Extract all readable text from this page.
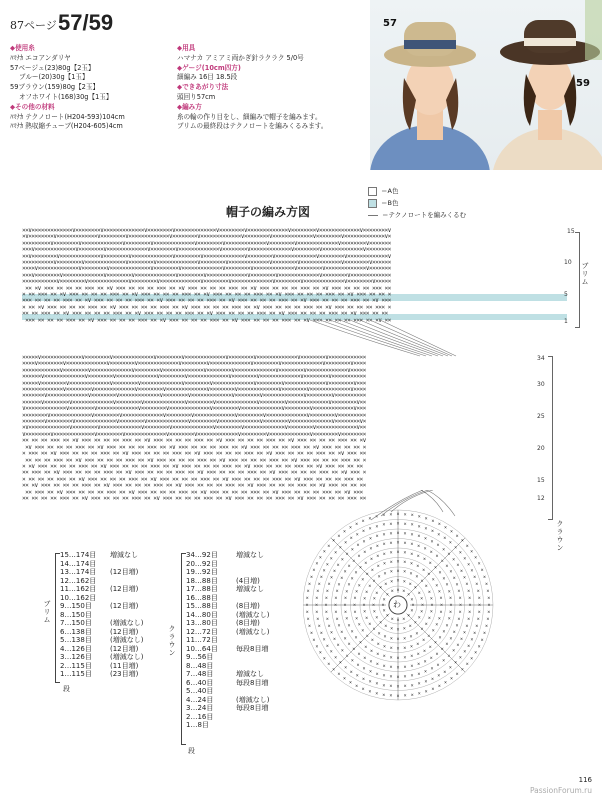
87ページ 57/59
◆使用糸
ﾊﾏﾅｶ エコアンダリヤ
57ベージュ(23)80g【2玉】
ブルー(20)30g【1玉】
59ブラウン(159)80g【2玉】
オフホワイト(168)30g【1玉】
◆その他の材料
ﾊﾏﾅｶ テクノロート(H204-593)104cm
ﾊﾏﾅｶ 熱収縮チューブ(H204-605)4cm
◆用具
ハマナカ アミアミ両かぎ針ラクラク 5/0号
◆ゲージ(10cm四方)
細編み 16目 18.5段
◆できあがり寸法
頭回り57cm
◆編み方
糸の輪の作り目をし、細編みで帽子を編みます。
ブリムの最終段はテクノロートを編みくるみます。
57
59
帽子の編み方図
＝A色
＝B色
＝テクノロートを編みくるむ
××∨×××××××××××××∨××××××××∨×××××××××××××∨××××××××∨×××××××××××××∨××××××××∨×××××××××××××∨××××××××∨×××××××××××××∨××××××××∨
×∨××××××××∨×××××××××××××∨××××××××∨×××××××××××××∨××××××××∨×××××××××××××∨××××××××∨×××××××××××××∨××××××××∨×××××××××××××∨×
×××××××××∨××××××××∨×××××××××××××∨××××××××∨×××××××××××××∨××××××××∨×××××××××××××∨××××××××∨×××××××××××××∨××××××××∨×××××××
×××∨×××××××××××××∨××××××××∨×××××××××××××∨××××××××∨×××××××××××××∨××××××××∨×××××××××××××∨××××××××∨×××××××××××××∨××××××××
××∨××××××××∨×××××××××××××∨××××××××∨×××××××××××××∨××××××××∨×××××××××××××∨××××××××∨×××××××××××××∨××××××××∨×××××××××××××∨
××××××××××∨××××××××∨×××××××××××××∨××××××××∨×××××××××××××∨××××××××∨×××××××××××××∨××××××××∨×××××××××××××∨××××××××∨××××××
××××∨×××××××××××××∨××××××××∨×××××××××××××∨××××××××∨×××××××××××××∨××××××××∨×××××××××××××∨××××××××∨×××××××××××××∨×××××××
×××∨××××××××∨×××××××××××××∨××××××××∨×××××××××××××∨××××××××∨×××××××××××××∨××××××××∨×××××××××××××∨××××××××∨×××××××××××××
×××××××××××∨××××××××∨×××××××××××××∨××××××××∨×××××××××××××∨××××××××∨×××××××××××××∨××××××××∨×××××××××××××∨××××××××∨×××××
×× ×∨ ××× ×× ×× ×× ××× ×× ×∨ ××× ×× ×× ×× ××× ×× ×∨ ××× ×× ×× ×× ××× ×× ×∨ ××× ×× ×× ×× ××× ×× ×∨ ××× ×× ×× ×× ××× ××
× ×× ××× ×× ×∨ ××× ×× ×× ×× ××× ×× ×∨ ××× ×× ×× ×× ××× ×× ×∨ ××× ×× ×× ×× ××× ×× ×∨ ××× ×× ×× ×× ××× ×× ×∨ ××× ×× ×× ×
××× ×× ×× ×× ××× ×× ×∨ ××× ×× ×× ×× ××× ×× ×∨ ××× ×× ×× ×× ××× ×× ×∨ ××× ×× ×× ×× ××× ×× ×∨ ××× ×× ×× ×× ××× ×× ×∨ ×××
× ×× ×∨ ××× ×× ×× ×× ××× ×× ×∨ ××× ×× ×× ×× ××× ×× ×∨ ××× ×× ×× ×× ××× ×× ×∨ ××× ×× ×× ×× ××× ×× ×∨ ××× ×× ×× ×× ××× ×
×× ×× ××× ×× ×∨ ××× ×× ×× ×× ××× ×× ×∨ ××× ×× ×× ×× ××× ×× ×∨ ××× ×× ×× ×× ××× ×× ×∨ ××× ×× ×× ×× ××× ×× ×∨ ××× ×× ××
××× ×× ×× ×× ××× ×× ×∨ ××× ×× ×× ×× ××× ×× ×∨ ××× ×× ×× ×× ××× ×× ×∨ ××× ×× ×× ×× ××× ×× ×∨ ××× ×× ×× ×× ××× ×× ×∨ ××
15
10
5
1
ブリム
×××××∨×××××××××××××∨××××××××∨×××××××××××××∨××××××××∨×××××××××××××∨××××××××∨×××××××××××××∨××××××××∨××××××××××××
××××∨××××××××∨×××××××××××××∨××××××××∨×××××××××××××∨××××××××∨×××××××××××××∨××××××××∨×××××××××××××∨××××××××∨××××
××××××××××××∨××××××××∨×××××××××××××∨××××××××∨×××××××××××××∨××××××××∨×××××××××××××∨××××××××∨×××××××××××××∨×××××
××××××∨×××××××××××××∨××××××××∨×××××××××××××∨××××××××∨×××××××××××××∨××××××××∨×××××××××××××∨××××××××∨×××××××××××
×××××∨××××××××∨×××××××××××××∨××××××××∨×××××××××××××∨××××××××∨×××××××××××××∨××××××××∨×××××××××××××∨××××××××∨×××
×××××××××××××∨××××××××∨×××××××××××××∨××××××××∨×××××××××××××∨××××××××∨×××××××××××××∨××××××××∨×××××××××××××∨××××
×××××××∨×××××××××××××∨××××××××∨×××××××××××××∨××××××××∨×××××××××××××∨××××××××∨×××××××××××××∨××××××××∨××××××××××
××××××∨××××××××∨×××××××××××××∨××××××××∨×××××××××××××∨××××××××∨×××××××××××××∨××××××××∨×××××××××××××∨××××××××∨××
∨×××××××××××××∨××××××××∨×××××××××××××∨××××××××∨×××××××××××××∨××××××××∨×××××××××××××∨××××××××∨×××××××××××××∨×××
××××××××∨×××××××××××××∨××××××××∨×××××××××××××∨××××××××∨×××××××××××××∨××××××××∨×××××××××××××∨××××××××∨×××××××××
×××××××∨××××××××∨×××××××××××××∨××××××××∨×××××××××××××∨××××××××∨×××××××××××××∨××××××××∨×××××××××××××∨××××××××∨×
×∨×××××××××××××∨××××××××∨×××××××××××××∨××××××××∨×××××××××××××∨××××××××∨×××××××××××××∨××××××××∨×××××××××××××∨××
∨××××××××∨×××××××××××××∨××××××××∨×××××××××××××∨××××××××∨×××××××××××××∨××××××××∨×××××××××××××∨××××××××∨××××××××
×× ×× ×× ××× ×× ×∨ ××× ×× ×× ×× ××× ×× ×∨ ××× ×× ×× ×× ××× ×× ×∨ ××× ×× ×× ×× ××× ×× ×∨ ××× ×× ×× ×× ××× ×× ×∨
×∨ ××× ×× ×× ×× ××× ×× ×∨ ××× ×× ×× ×× ××× ×× ×∨ ××× ×× ×× ×× ××× ×× ×∨ ××× ×× ×× ×× ××× ×× ×∨ ××× ×× ×× ×× ×
× ××× ×× ×∨ ××× ×× ×× ×× ××× ×× ×∨ ××× ×× ×× ×× ××× ×× ×∨ ××× ×× ×× ×× ××× ×× ×∨ ××× ×× ×× ×× ××× ×× ×∨ ××× ××
×× ×× ×× ××× ×× ×∨ ××× ×× ×× ×× ××× ×× ×∨ ××× ×× ×× ×× ××× ×× ×∨ ××× ×× ×× ×× ××× ×× ×∨ ××× ×× ×× ×× ××× ×× ×
× ×∨ ××× ×× ×× ×× ××× ×× ×∨ ××× ×× ×× ×× ××× ×× ×∨ ××× ×× ×× ×× ××× ×× ×∨ ××× ×× ×× ×× ××× ×× ×∨ ××× ×× ×× ××
×× ××× ×× ×∨ ××× ×× ×× ×× ××× ×× ×∨ ××× ×× ×× ×× ××× ×× ×∨ ××× ×× ×× ×× ××× ×× ×∨ ××× ×× ×× ×× ××× ×× ×∨ ××× ×
× ×× ×× ×× ××× ×× ×∨ ××× ×× ×× ×× ××× ×× ×∨ ××× ×× ×× ×× ××× ×× ×∨ ××× ×× ×× ×× ××× ×× ×∨ ××× ×× ×× ×× ××× ××
×× ×∨ ××× ×× ×× ×× ××× ×× ×∨ ××× ×× ×× ×× ××× ×× ×∨ ××× ×× ×× ×× ××× ×× ×∨ ××× ×× ×× ×× ××× ×× ×∨ ××× ×× ×× ××
×× ××× ×× ×∨ ××× ×× ×× ×× ××× ×× ×∨ ××× ×× ×× ×× ××× ×× ×∨ ××× ×× ×× ×× ××× ×× ×∨ ××× ×× ×× ×× ××× ×× ×∨ ×××
×× ×× ×× ×× ××× ×× ×∨ ××× ×× ×× ×× ××× ×× ×∨ ××× ×× ×× ×× ××× ×× ×∨ ××× ×× ×× ×× ××× ×× ×∨ ××× ×× ×× ×× ××× ××
34
30
25
20
15
12
クラウン
×
×
×
×
×
×
×
×
×
×
×
× × ×
×
×
×
×
×
×
×
×
×
×
×
×
×
×
×
×
×
×
× × × × ×
×
×
×
×
×
×
×
×
×
×
×
×
×
×
×
×
×
×
×
×
×
×
×
×
×
× × × × ×
×
×
×
×
×
×
×
×
×
×
×
×
×
×
×
×
×
×
×
×
×
×
×
×
×
×
×
×
×
×
×
×
× × × × × × ×
×
×
×
×
×
×
×
×
×
×
×
×
×
×
×
×
×
×
×
×
×
×
×
×
×
×
×
×
×
×
×
×
×
×
×
×
×
×
×
× × × × × × ×
×
×
×
×
×
×
×
×
×
×
×
×
×
×
×
×
×
×
×
×
×
×
×
×
×
×
×
×
×
×
×
×
×
×
×
×
×
×
×
×
×
×
×
×
×
×
× × × × × × × × ×
×
×
×
×
×
×
×
×
×
×
×
×
×
×
×
×
×
×
×
×
×
×
×
×
×
×
×
×
×
×
×
×
×
×
×
×
×
×
×
×
×
×
×
×
×
×
×
×
×
×
×
×
×
× × × × × × × × ×
×
×
×
×
×
×
×
×
×
×
×
×
×
×
×
×
×
×
×
×
×
×
×
×
×
×
×
×
×
×
×
×
×
×
×
×
×
×
×
×
×
×
×
×
×
×
×
×
×
×
×
×
×
×
×
×
×
×
×
×
× × × × × × × × × × ×
×
×
×
×
×
×
×
×
×
×
×
×
×
×
×
×
×
×
×
×
×
×
×
×
×
×
×
×
×
×
×
×
×
×
×
×
×
×
×
×
×
×
×
×
×
×
×
×
×
×
×
×
×
×
×
×
×
×
×
×
×
×
×
×
×
×
× × × × × × × × × × × × ×
×
×
×
×
×
×
×
×
×
×
×
×
×
わ
15…174目
14…174目
13…174目
12…162目
11…162目
10…162目
9…150目
8…150目
7…150目
6…138目
5…138目
4…126目
3…126目
2…115目
1…115目
増減なし

(12目増)

(12目増)

(12目増)

(増減なし)
(12目増)
(増減なし)
(12目増)
(増減なし)
(11目増)
(23目増)
ブリム
段
34…92目
20…92目
19…92目
18…88目
17…88目
16…88目
15…88目
14…80目
13…80目
12…72目
11…72目
10…64目
9…56目
8…48目
7…48目
6…40目
5…40目
4…24目
3…24目
2…16目
1…8目
増減なし

(4目増)
増減なし

(8目増)
(増減なし)
(8目増)
(増減なし)

毎段8目増

増減なし
毎段8目増

(増減なし)
毎段8目増

クラウン
段
116
PassionForum.ru
